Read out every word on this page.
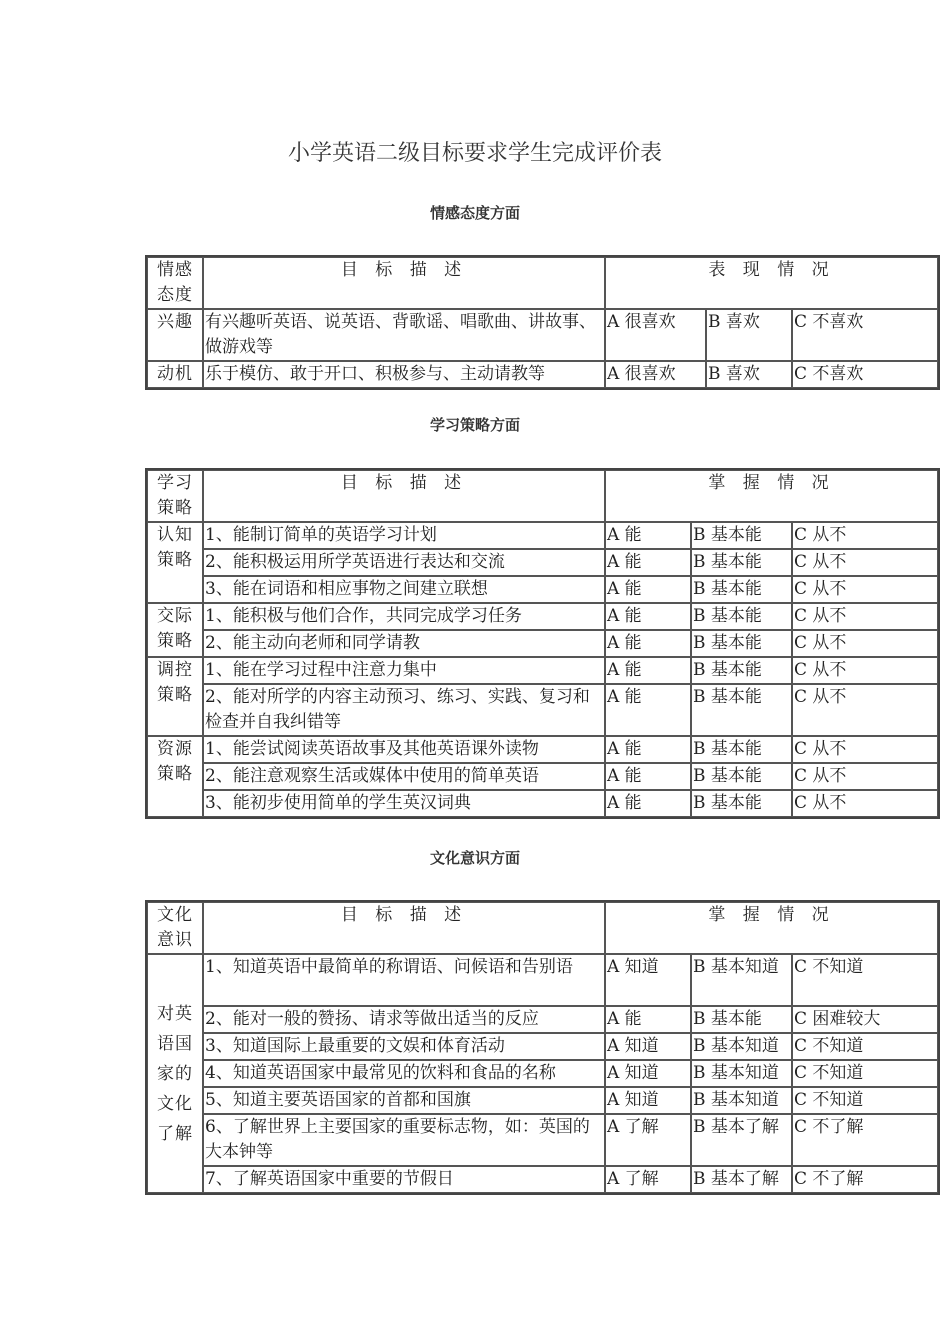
小学英语二级目标要求学生完成评价表
情感态度方面
情感态度	目 标 描 述	表 现 情 况		
兴趣	有兴趣听英语、说英语、背歌谣、唱歌曲、讲故事、做游戏等	A 很喜欢	B 喜欢	C 不喜欢
动机	乐于模仿、敢于开口、积极参与、主动请教等	A 很喜欢	B 喜欢	C 不喜欢
学习策略方面
学习策略	目 标 描 述	掌 握 情 况		
认知策略	1、能制订简单的英语学习计划	A 能	B 基本能	C 从不
	2、能积极运用所学英语进行表达和交流	A 能	B 基本能	C 从不
	3、能在词语和相应事物之间建立联想	A 能	B 基本能	C 从不
交际策略	1、能积极与他们合作，共同完成学习任务	A 能	B 基本能	C 从不
	2、能主动向老师和同学请教	A 能	B 基本能	C 从不
调控策略	1、能在学习过程中注意力集中	A 能	B 基本能	C 从不
	2、能对所学的内容主动预习、练习、实践、复习和检查并自我纠错等	A 能	B 基本能	C 从不
资源策略	1、能尝试阅读英语故事及其他英语课外读物	A 能	B 基本能	C 从不
	2、能注意观察生活或媒体中使用的简单英语	A 能	B 基本能	C 从不
	3、能初步使用简单的学生英汉词典	A 能	B 基本能	C 从不
文化意识方面
文化意识	目 标 描 述	掌 握 情 况		
对英语国家的文化了解	1、知道英语中最简单的称谓语、问候语和告别语	A 知道	B 基本知道	C 不知道
	2、能对一般的赞扬、请求等做出适当的反应	A 能	B 基本能	C 困难较大
	3、知道国际上最重要的文娱和体育活动	A 知道	B 基本知道	C 不知道
	4、知道英语国家中最常见的饮料和食品的名称	A 知道	B 基本知道	C 不知道
	5、知道主要英语国家的首都和国旗	A 知道	B 基本知道	C 不知道
	6、了解世界上主要国家的重要标志物，如：英国的大本钟等	A 了解	B 基本了解	C 不了解
	7、了解英语国家中重要的节假日	A 了解	B 基本了解	C 不了解
